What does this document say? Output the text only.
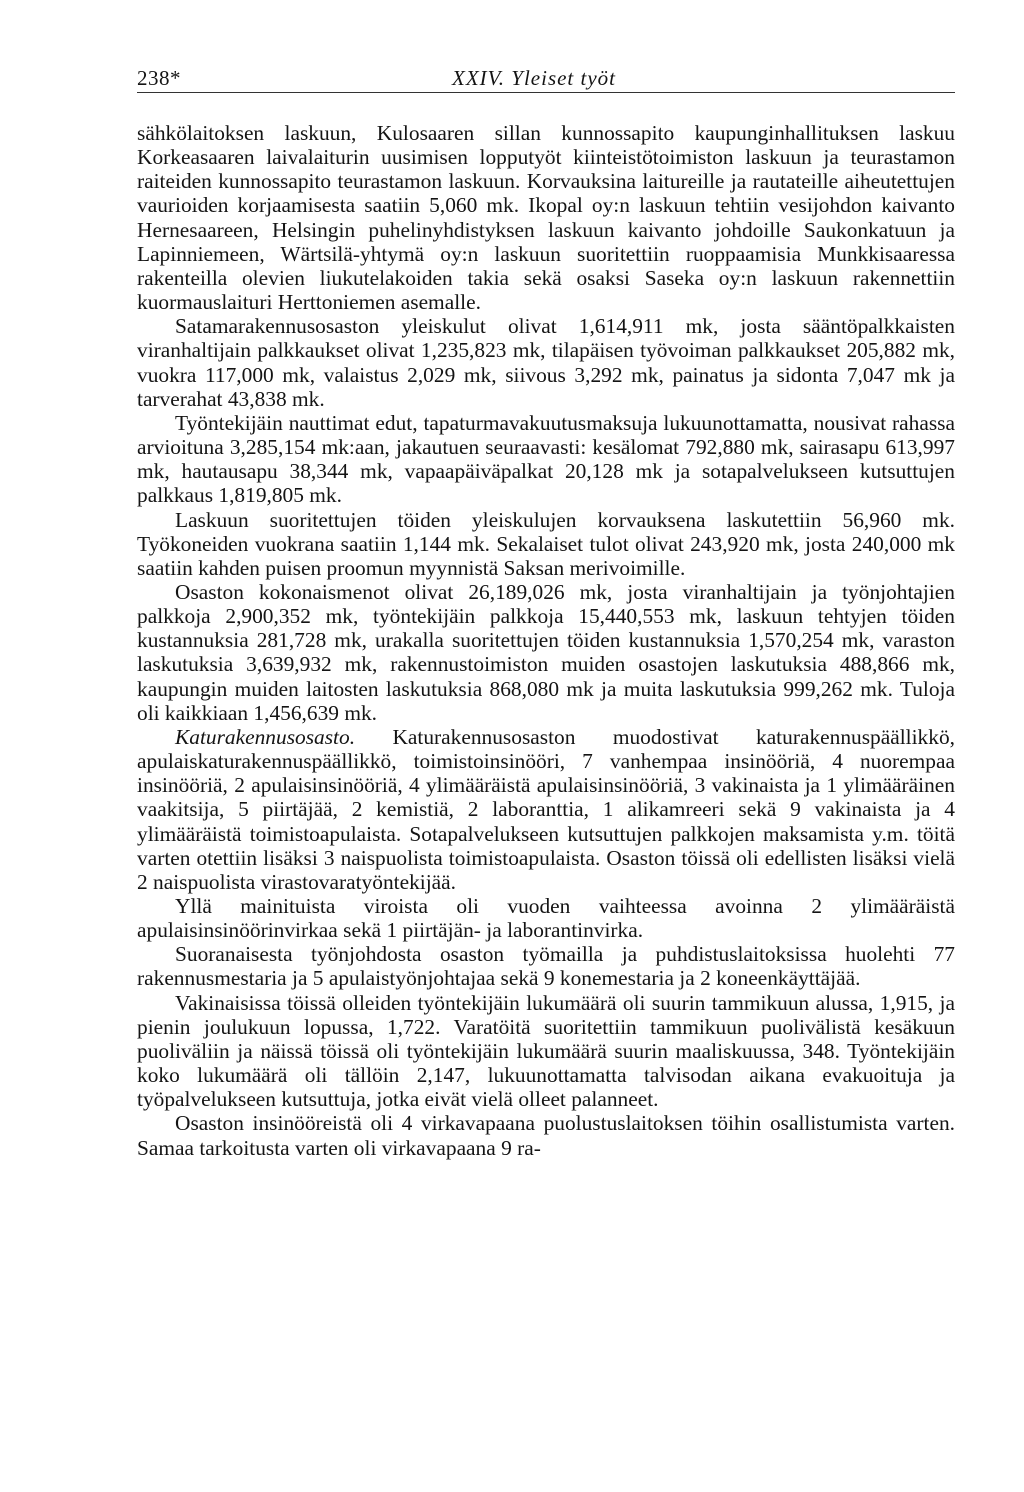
238*	XXIV. Yleiset työt

sähkölaitoksen laskuun, Kulosaaren sillan kunnossapito kaupunginhallituksen laskuu Korkeasaaren laivalaiturin uusimisen lopputyöt kiinteistötoimiston laskuun ja teurastamon raiteiden kunnossapito teurastamon laskuun. Korvauksina laitureille ja rautateille aiheutettujen vaurioiden korjaamisesta saatiin 5,060 mk. Ikopal oy:n laskuun tehtiin vesijohdon kaivanto Hernesaareen, Helsingin puhelinyhdistyksen laskuun kaivanto johdoille Saukonkatuun ja Lapinniemeen, Wärtsilä-yhtymä oy:n laskuun suoritettiin ruoppaamisia Munkkisaaressa rakenteilla olevien liukutelakoiden takia sekä osaksi Saseka oy:n laskuun rakennettiin kuormauslaituri Herttoniemen asemalle.

Satamarakennusosaston yleiskulut olivat 1,614,911 mk, josta sääntöpalkkaisten viranhaltijain palkkaukset olivat 1,235,823 mk, tilapäisen työvoiman palkkaukset 205,882 mk, vuokra 117,000 mk, valaistus 2,029 mk, siivous 3,292 mk, painatus ja sidonta 7,047 mk ja tarverahat 43,838 mk.

Työntekijäin nauttimat edut, tapaturmavakuutusmaksuja lukuunottamatta, nousivat rahassa arvioituna 3,285,154 mk:aan, jakautuen seuraavasti: kesälomat 792,880 mk, sairasapu 613,997 mk, hautausapu 38,344 mk, vapaapäiväpalkat 20,128 mk ja sotapalvelukseen kutsuttujen palkkaus 1,819,805 mk.

Laskuun suoritettujen töiden yleiskulujen korvauksena laskutettiin 56,960 mk. Työkoneiden vuokrana saatiin 1,144 mk. Sekalaiset tulot olivat 243,920 mk, josta 240,000 mk saatiin kahden puisen proomun myynnistä Saksan merivoimille.

Osaston kokonaismenot olivat 26,189,026 mk, josta viranhaltijain ja työnjohtajien palkkoja 2,900,352 mk, työntekijäin palkkoja 15,440,553 mk, laskuun tehtyjen töiden kustannuksia 281,728 mk, urakalla suoritettujen töiden kustannuksia 1,570,254 mk, varaston laskutuksia 3,639,932 mk, rakennustoimiston muiden osastojen laskutuksia 488,866 mk, kaupungin muiden laitosten laskutuksia 868,080 mk ja muita laskutuksia 999,262 mk. Tuloja oli kaikkiaan 1,456,639 mk.

Katurakennusosasto. Katurakennusosaston muodostivat katurakennuspäällikkö, apulaiskaturakennuspäällikkö, toimistoinsinööri, 7 vanhempaa insinööriä, 4 nuorempaa insinööriä, 2 apulaisinsinööriä, 4 ylimääräistä apulaisinsinööriä, 3 vakinaista ja 1 ylimääräinen vaakitsija, 5 piirtäjää, 2 kemistiä, 2 laboranttia, 1 alikamreeri sekä 9 vakinaista ja 4 ylimääräistä toimistoapulaista. Sotapalvelukseen kutsuttujen palkkojen maksamista y.m. töitä varten otettiin lisäksi 3 naispuolista toimistoapulaista. Osaston töissä oli edellisten lisäksi vielä 2 naispuolista virastovaratyöntekijää.

Yllä mainituista viroista oli vuoden vaihteessa avoinna 2 ylimääräistä apulaisinsinöörinvirkaa sekä 1 piirtäjän- ja laborantinvirka.

Suoranaisesta työnjohdosta osaston työmailla ja puhdistuslaitoksissa huolehti 77 rakennusmestaria ja 5 apulaistyönjohtajaa sekä 9 konemestaria ja 2 koneenkäyttäjää.

Vakinaisissa töissä olleiden työntekijäin lukumäärä oli suurin tammikuun alussa, 1,915, ja pienin joulukuun lopussa, 1,722. Varatöitä suoritettiin tammikuun puolivälistä kesäkuun puoliväliin ja näissä töissä oli työntekijäin lukumäärä suurin maaliskuussa, 348. Työntekijäin koko lukumäärä oli tällöin 2,147, lukuunottamatta talvisodan aikana evakuoituja ja työpalvelukseen kutsuttuja, jotka eivät vielä olleet palanneet.

Osaston insinööreistä oli 4 virkavapaana puolustuslaitoksen töihin osallistumista varten. Samaa tarkoitusta varten oli virkavapaana 9 ra-
